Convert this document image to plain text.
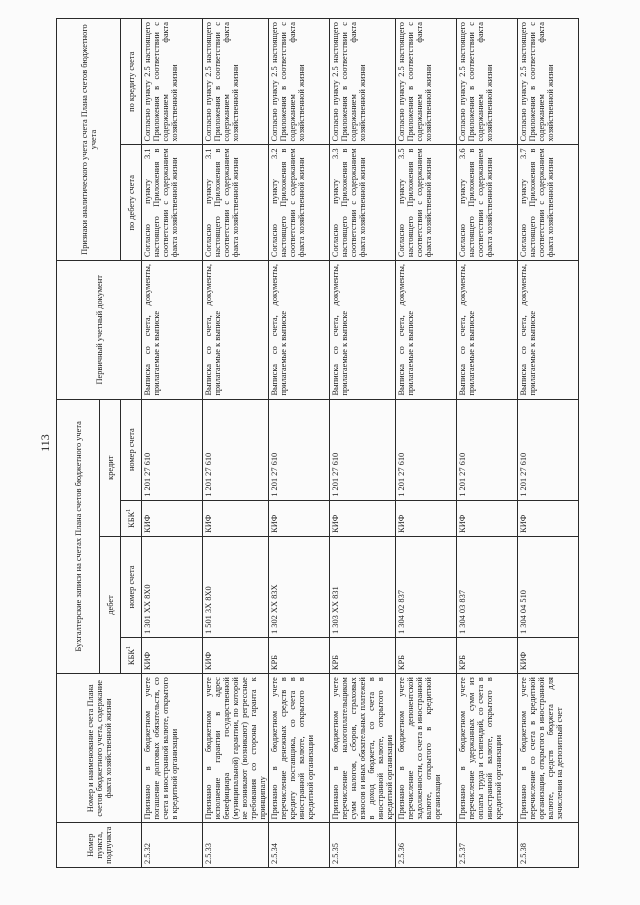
113
Номер пункта, подпункта	Номер и наименование счета Плана счетов бюджетного учета, содержание факта хозяйственной жизни	Бухгалтерские записи на счетах Плана счетов бюджетного учета				Первичный учетный документ	Признаки аналитического учета счета Плана счетов бюджетного учета	
		дебет		кредит				
		КБК$^1$	номер счета	КБК$^1$	номер счета		по дебету счета	по кредиту счета
2.5.32	Признано в бюджетном учете погашение долговых обязательств, со счета в иностранной валюте, открытого в кредитной организации	КИФ	1 301 ХХ 8Х0	КИФ	1 201 27 610	Выписка со счета, документы, прилагаемые к выписке	Согласно пункту 3.1 настоящего Приложения в соответствии с содержанием факта хозяйственной жизни	Согласно пункту 2.5 настоящего Приложения в соответствии с содержанием факта хозяйственной жизни
2.5.33	Признано в бюджетном учете исполнение гарантии в адрес бенефициара государственной (муниципальной) гарантии, по которой не возникают (возникают) регрессные требования со стороны гаранта к принципалу	КИФ	1 501 3Х 8Х0	КИФ	1 201 27 610	Выписка со счета, документы, прилагаемые к выписке	Согласно пункту 3.1 настоящего Приложения в соответствии с содержанием факта хозяйственной жизни	Согласно пункту 2.5 настоящего Приложения в соответствии с содержанием факта хозяйственной жизни
2.5.34	Признано в бюджетном учете перечисление денежных средств в кредиту поставщика, со счета в иностранной валюте, открытого в кредитной организации	КРБ	1 302 ХХ 83Х	КИФ	1 201 27 610	Выписка со счета, документы, прилагаемые к выписке	Согласно пункту 3.2 настоящего Приложения в соответствии с содержанием факта хозяйственной жизни	Согласно пункту 2.5 настоящего Приложения в соответствии с содержанием факта хозяйственной жизни
2.5.35	Признано в бюджетном учете перечисление налогоплательщиком сумм налогов, сборов, страховых взносов и иных обязательных платежей в доход бюджета, со счета в иностранной валюте, открытого в кредитной организации	КРБ	1 303 ХХ 831	КИФ	1 201 27 610	Выписка со счета, документы, прилагаемые к выписке	Согласно пункту 3.3 настоящего Приложения в соответствии с содержанием факта хозяйственной жизни	Согласно пункту 2.5 настоящего Приложения в соответствии с содержанием факта хозяйственной жизни
2.5.36	Признано в бюджетном учете перечисление депонентской задолженности, со счета в иностранной валюте, открытого в кредитной организации	КРБ	1 304 02 837	КИФ	1 201 27 610	Выписка со счета, документы, прилагаемые к выписке	Согласно пункту 3.5 настоящего Приложения в соответствии с содержанием факта хозяйственной жизни	Согласно пункту 2.5 настоящего Приложения в соответствии с содержанием факта хозяйственной жизни
2.5.37	Признано в бюджетном учете перечисление удержанных сумм из оплаты труда и стипендий, со счета в иностранной валюте, открытого в кредитной организации	КРБ	1 304 03 837	КИФ	1 201 27 610	Выписка со счета, документы, прилагаемые к выписке	Согласно пункту 3.6 настоящего Приложения в соответствии с содержанием факта хозяйственной жизни	Согласно пункту 2.5 настоящего Приложения в соответствии с содержанием факта хозяйственной жизни
2.5.38	Признано в бюджетном учете перечисление со счета в кредитной организации, открытого в иностранной валюте, средств бюджета для зачисления на депозитный счет	КИФ	1 304 04 510	КИФ	1 201 27 610	Выписка со счета, документы, прилагаемые к выписке	Согласно пункту 3.7 настоящего Приложения в соответствии с содержанием факта хозяйственной жизни	Согласно пункту 2.5 настоящего Приложения в соответствии с содержанием факта хозяйственной жизни
